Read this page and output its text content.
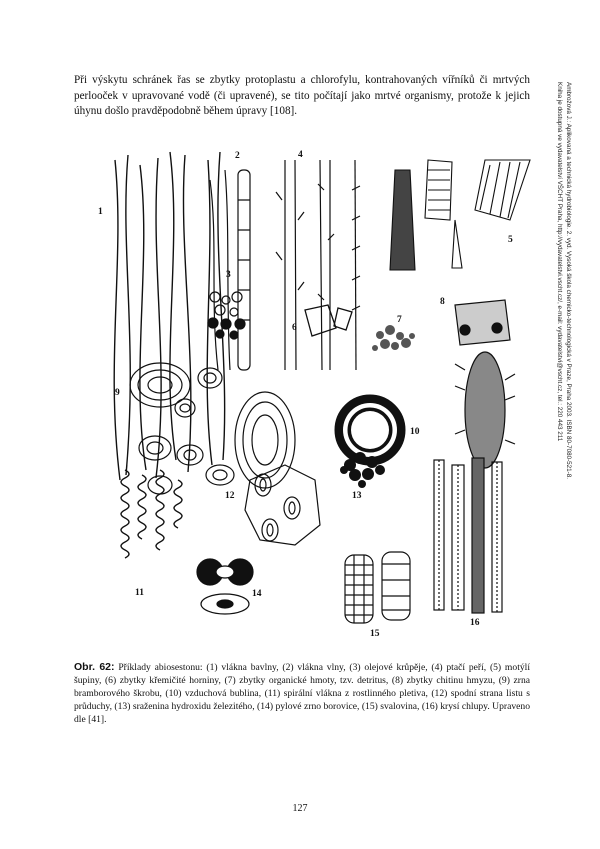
Při výskytu schránek řas se zbytky protoplastu a chlorofylu, kontrahovaných vířníků či mrtvých perlooček v upravované vodě (či upravené), se tito počítají jako mrtvé organismy, protože k jejich úhynu došlo pravděpodobně během úpravy [108].	Ambrožová J.: Aplikovaná a technická hydrobiologie. 2. vyd. Vysoká škola chemicko-technologická v Praze, Praha 2003. ISBN 80-7080-521-8.
Kniha je dostupná ve vydavatelství VŠCHT Praha, http://vydavatelstvi.vscht.cz/, e-mail: vydavatelstvi@vscht.cz, tel.: 220 443 211
1
2
3
4
5
6
7
8
9
10
11
12	13
14
15
16

Obr. 62: Příklady abiosestonu: (1) vlákna bavlny, (2) vlákna vlny, (3) olejové krůpěje, (4) ptačí peří, (5) motýlí šupiny, (6) zbytky křemičité horniny, (7) zbytky organické hmoty, tzv. detritus, (8) zbytky chitinu hmyzu, (9) zrna bramborového škrobu, (10) vzduchová bublina, (11) spirální vlákna z rostlinného pletiva, (12) spodní strana listu s průduchy, (13) sraženina hydroxidu železitého, (14) pylové zrno borovice, (15) svalovina, (16) krysí chlupy. Upraveno dle [41].

127
